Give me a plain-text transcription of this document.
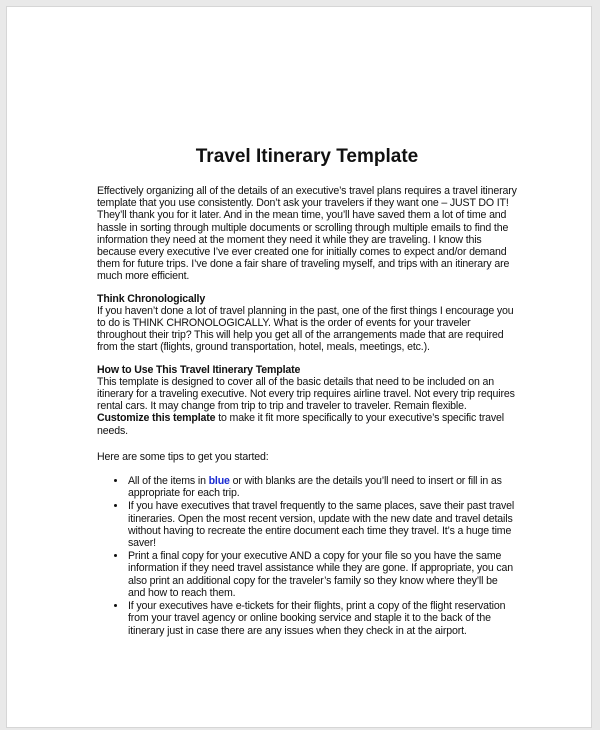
Travel Itinerary Template

Effectively organizing all of the details of an executive’s travel plans requires a travel itinerary template that you use consistently. Don’t ask your travelers if they want one – JUST DO IT! They’ll thank you for it later. And in the mean time, you’ll have saved them a lot of time and hassle in sorting through multiple documents or scrolling through multiple emails to find the information they need at the moment they need it while they are traveling. I know this because every executive I’ve ever created one for initially comes to expect and/or demand them for future trips. I’ve done a fair share of traveling myself, and trips with an itinerary are much more efficient.

Think Chronologically

If you haven’t done a lot of travel planning in the past, one of the first things I encourage you to do is THINK CHRONOLOGICALLY. What is the order of events for your traveler throughout their trip? This will help you get all of the arrangements made that are required from the start (flights, ground transportation, hotel, meals, meetings, etc.).

How to Use This Travel Itinerary Template

This template is designed to cover all of the basic details that need to be included on an itinerary for a traveling executive. Not every trip requires airline travel. Not every trip requires rental cars. It may change from trip to trip and traveler to traveler. Remain flexible. Customize this template to make it fit more specifically to your executive’s specific travel needs.

Here are some tips to get you started:

• All of the items in blue or with blanks are the details you’ll need to insert or fill in as appropriate for each trip.
• If you have executives that travel frequently to the same places, save their past travel itineraries. Open the most recent version, update with the new date and travel details without having to recreate the entire document each time they travel. It’s a huge time saver!
• Print a final copy for your executive AND a copy for your file so you have the same information if they need travel assistance while they are gone. If appropriate, you can also print an additional copy for the traveler’s family so they know where they’ll be and how to reach them.
• If your executives have e-tickets for their flights, print a copy of the flight reservation from your travel agency or online booking service and staple it to the back of the itinerary just in case there are any issues when they check in at the airport.
